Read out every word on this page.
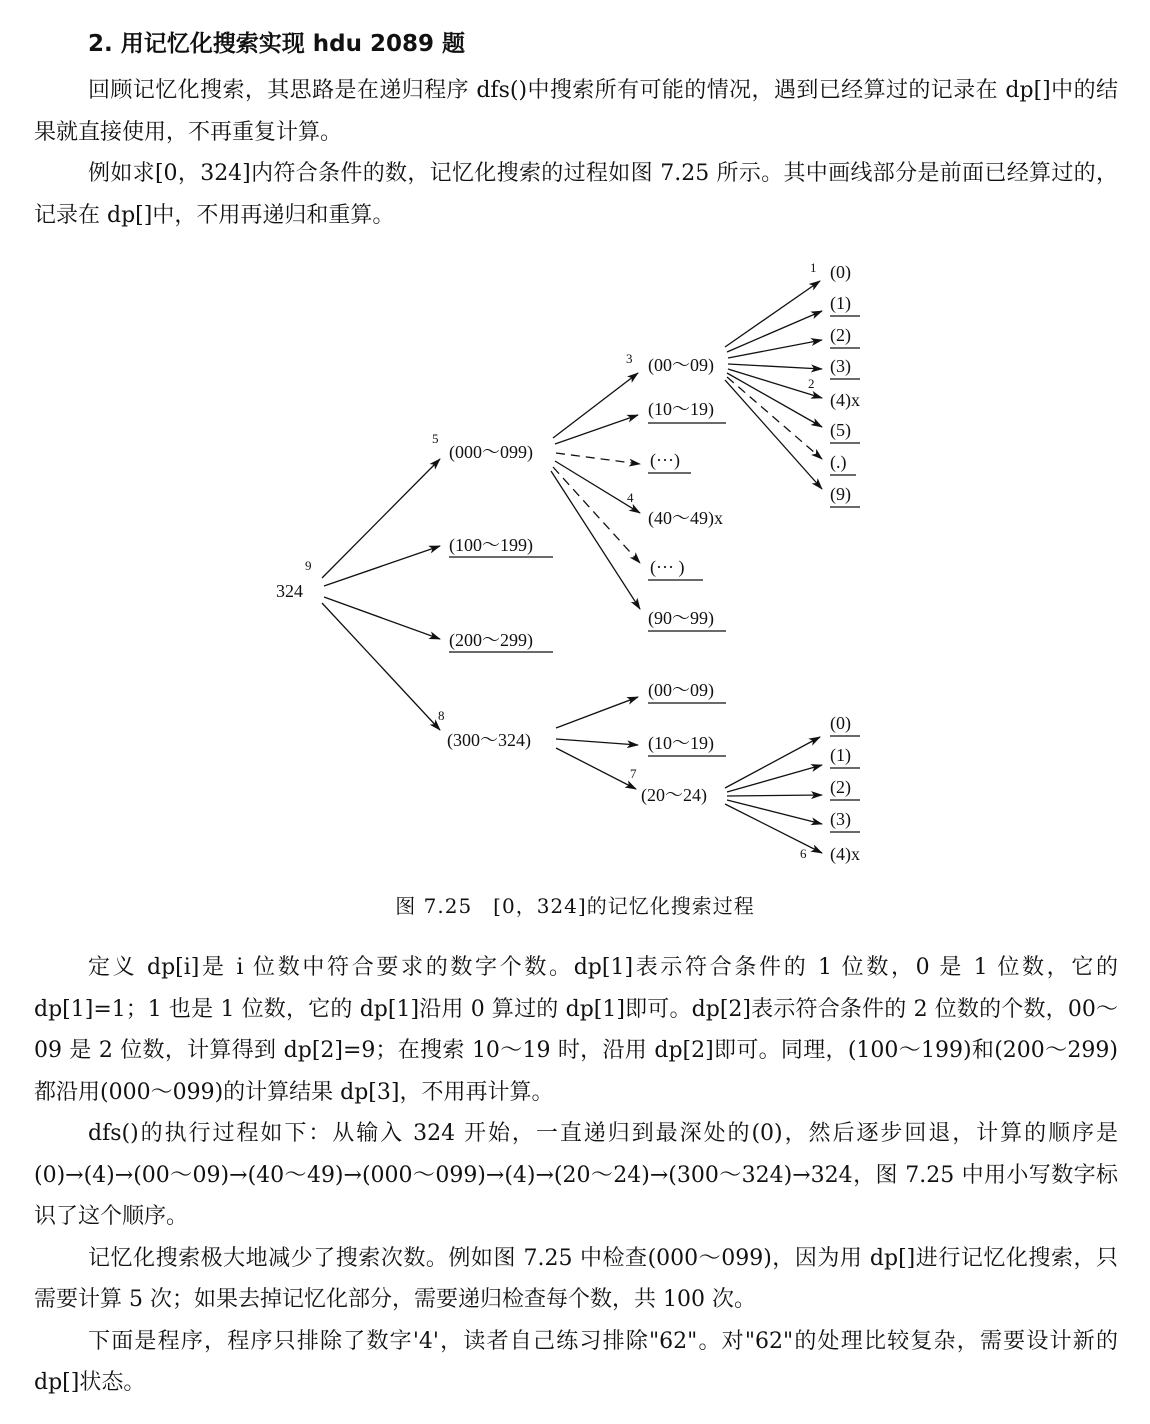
2. 用记忆化搜索实现 hdu 2089 题

回顾记忆化搜索，其思路是在递归程序 dfs()中搜索所有可能的情况，遇到已经算过的记录在 dp[]中的结果就直接使用，不再重复计算。

例如求[0，324]内符合条件的数，记忆化搜索的过程如图 7.25 所示。其中画线部分是前面已经算过的，记录在 dp[]中，不用再递归和重算。

324
(000～099)
(100～199)
(200～299)
(300～324)
(00～09)
(10～19)
(···)
(40～49)x
(··· )
(90～99)
(0)
(1)
(2)
(3)
(4)x
(5)
(.)
(9)
(00～09)
(10～19)
(20～24)
(0)
(1)
(2)
(3)
(4)x
9
5
3
1
2
4
8
7
6
图 7.25　[0，324]的记忆化搜索过程

定义 dp[i]是 i 位数中符合要求的数字个数。dp[1]表示符合条件的 1 位数，0 是 1 位数，它的 dp[1]=1；1 也是 1 位数，它的 dp[1]沿用 0 算过的 dp[1]即可。dp[2]表示符合条件的 2 位数的个数，00～09 是 2 位数，计算得到 dp[2]=9；在搜索 10～19 时，沿用 dp[2]即可。同理，(100～199)和(200～299)都沿用(000～099)的计算结果 dp[3]，不用再计算。

dfs()的执行过程如下：从输入 324 开始，一直递归到最深处的(0)，然后逐步回退，计算的顺序是(0)→(4)→(00～09)→(40～49)→(000～099)→(4)→(20～24)→(300～324)→324，图 7.25 中用小写数字标识了这个顺序。

记忆化搜索极大地减少了搜索次数。例如图 7.25 中检查(000～099)，因为用 dp[]进行记忆化搜索，只需要计算 5 次；如果去掉记忆化部分，需要递归检查每个数，共 100 次。

下面是程序，程序只排除了数字'4'，读者自己练习排除"62"。对"62"的处理比较复杂，需要设计新的 dp[]状态。
